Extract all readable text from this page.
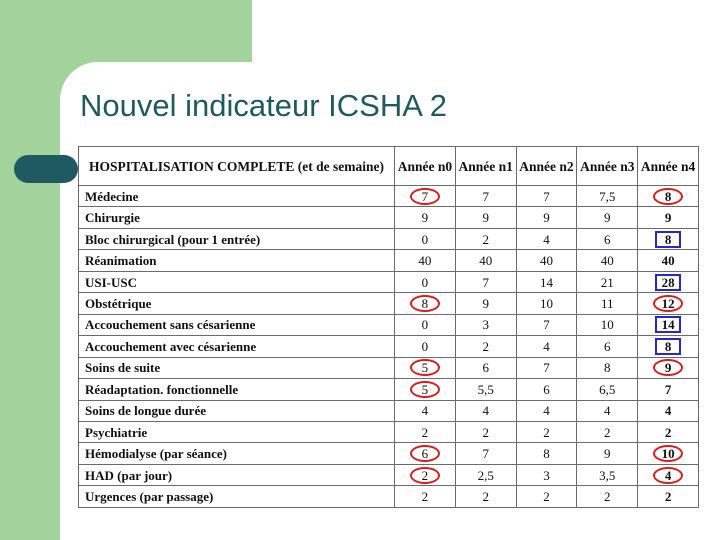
Nouvel indicateur ICSHA 2
HOSPITALISATION COMPLETE (et de semaine)	Année n0	Année n1	Année n2	Année n3	Année n4
Médecine	7	7	7	7,5	8
Chirurgie	9	9	9	9	9
Bloc chirurgical (pour 1 entrée)	0	2	4	6	8
Réanimation	40	40	40	40	40
USI-USC	0	7	14	21	28
Obstétrique	8	9	10	11	12
Accouchement sans césarienne	0	3	7	10	14
Accouchement avec césarienne	0	2	4	6	8
Soins de suite	5	6	7	8	9
Réadaptation. fonctionnelle	5	5,5	6	6,5	7
Soins de longue durée	4	4	4	4	4
Psychiatrie	2	2	2	2	2
Hémodialyse (par séance)	6	7	8	9	10
HAD (par jour)	2	2,5	3	3,5	4
Urgences (par passage)	2	2	2	2	2
